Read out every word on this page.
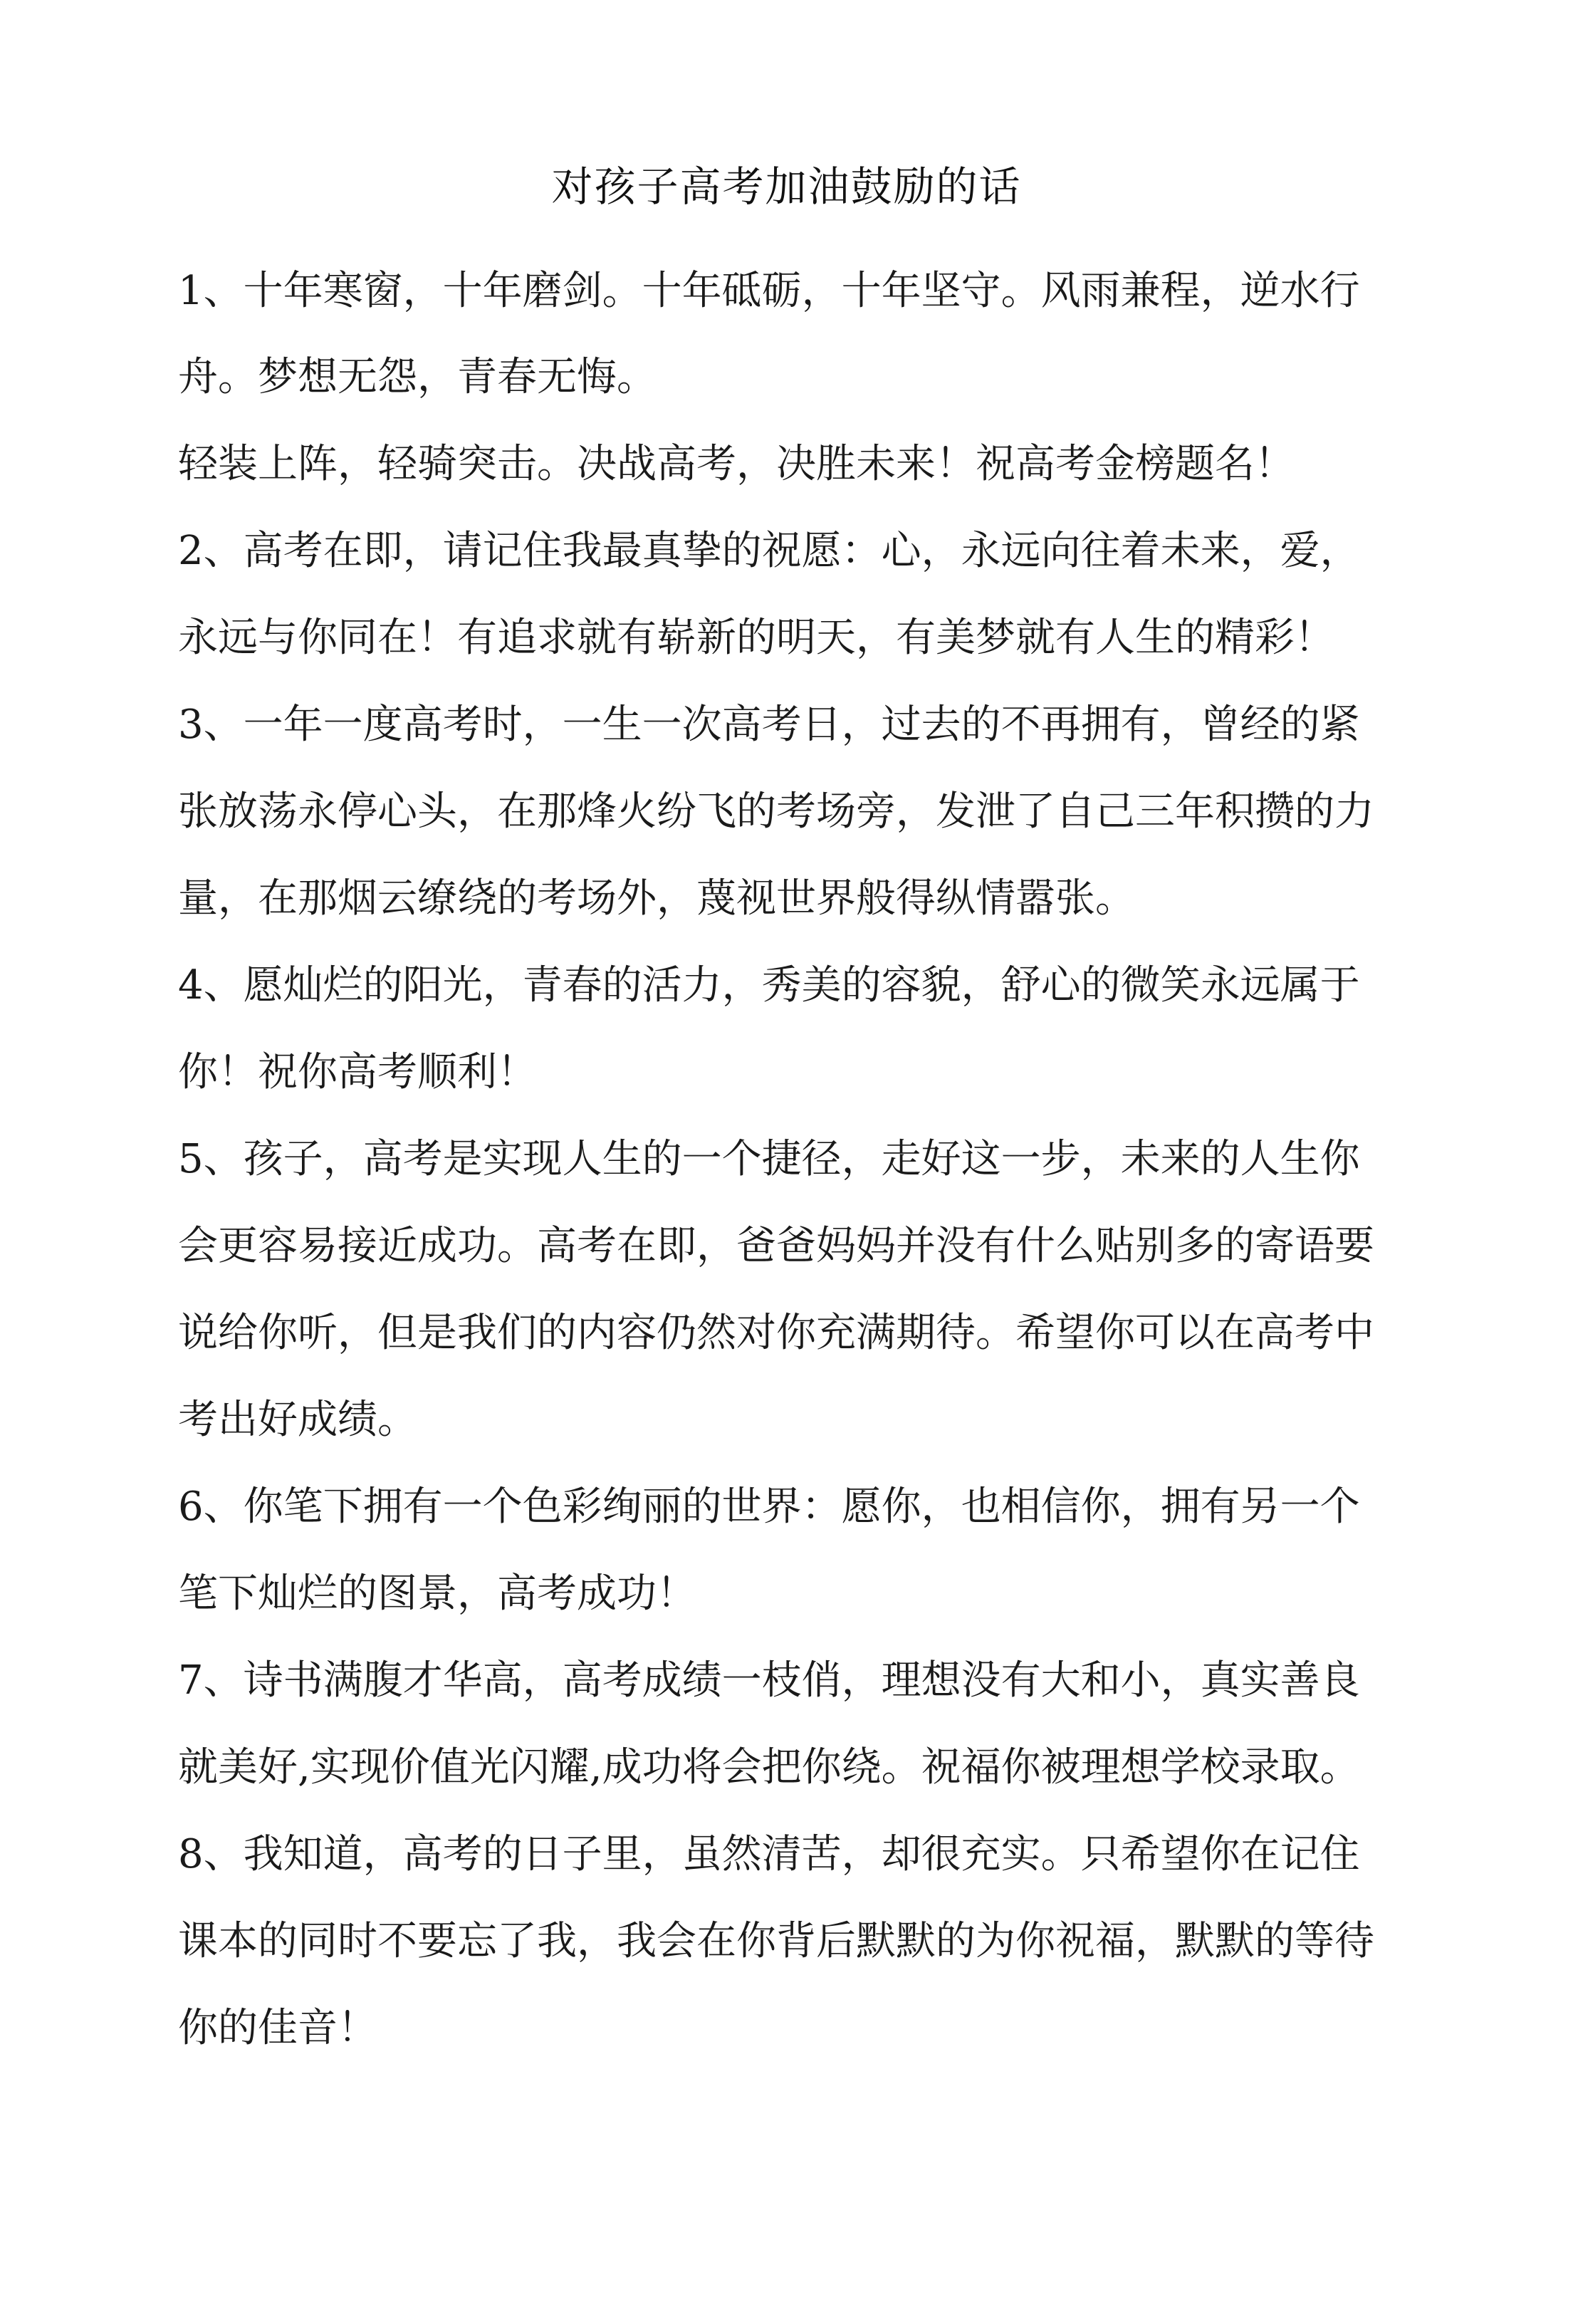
对孩子高考加油鼓励的话
1、十年寒窗，十年磨剑。十年砥砺，十年坚守。风雨兼程，逆水行
舟。梦想无怨，青春无悔。
轻装上阵，轻骑突击。决战高考，决胜未来！祝高考金榜题名！
2、高考在即，请记住我最真挚的祝愿：心，永远向往着未来，爱，
永远与你同在！有追求就有崭新的明天，有美梦就有人生的精彩！
3、一年一度高考时，一生一次高考日，过去的不再拥有，曾经的紧
张放荡永停心头，在那烽火纷飞的考场旁，发泄了自己三年积攒的力
量，在那烟云缭绕的考场外，蔑视世界般得纵情嚣张。
4、愿灿烂的阳光，青春的活力，秀美的容貌，舒心的微笑永远属于
你！祝你高考顺利！
5、孩子，高考是实现人生的一个捷径，走好这一步，未来的人生你
会更容易接近成功。高考在即，爸爸妈妈并没有什么贴别多的寄语要
说给你听，但是我们的内容仍然对你充满期待。希望你可以在高考中
考出好成绩。
6、你笔下拥有一个色彩绚丽的世界：愿你，也相信你，拥有另一个
笔下灿烂的图景，高考成功！
7、诗书满腹才华高，高考成绩一枝俏，理想没有大和小，真实善良
就美好,实现价值光闪耀,成功将会把你绕。祝福你被理想学校录取。
8、我知道，高考的日子里，虽然清苦，却很充实。只希望你在记住
课本的同时不要忘了我，我会在你背后默默的为你祝福，默默的等待
你的佳音！
